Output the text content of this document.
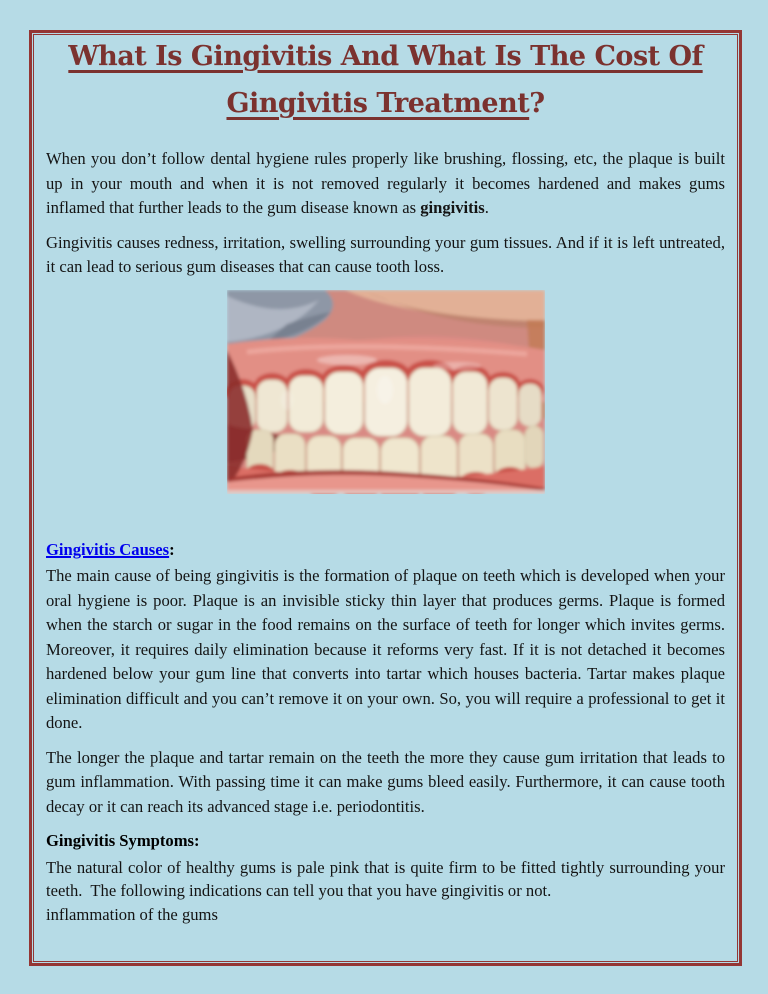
What Is Gingivitis And What Is The Cost Of
Gingivitis Treatment?

When you don’t follow dental hygiene rules properly like brushing, flossing, etc, the plaque is built up in your mouth and when it is not removed regularly it becomes hardened and makes gums inflamed that further leads to the gum disease known as gingivitis.

Gingivitis causes redness, irritation, swelling surrounding your gum tissues. And if it is left untreated, it can lead to serious gum diseases that can cause tooth loss.

Gingivitis Causes:

The main cause of being gingivitis is the formation of plaque on teeth which is developed when your oral hygiene is poor. Plaque is an invisible sticky thin layer that produces germs. Plaque is formed when the starch or sugar in the food remains on the surface of teeth for longer which invites germs. Moreover, it requires daily elimination because it reforms very fast. If it is not detached it becomes hardened below your gum line that converts into tartar which houses bacteria. Tartar makes plaque elimination difficult and you can’t remove it on your own. So, you will require a professional to get it done.

The longer the plaque and tartar remain on the teeth the more they cause gum irritation that leads to gum inflammation. With passing time it can make gums bleed easily. Furthermore, it can cause tooth decay or it can reach its advanced stage i.e. periodontitis.

Gingivitis Symptoms:

The natural color of healthy gums is pale pink that is quite firm to be fitted tightly surrounding your teeth.  The following indications can tell you that you have gingivitis or not.
inflammation of the gums
